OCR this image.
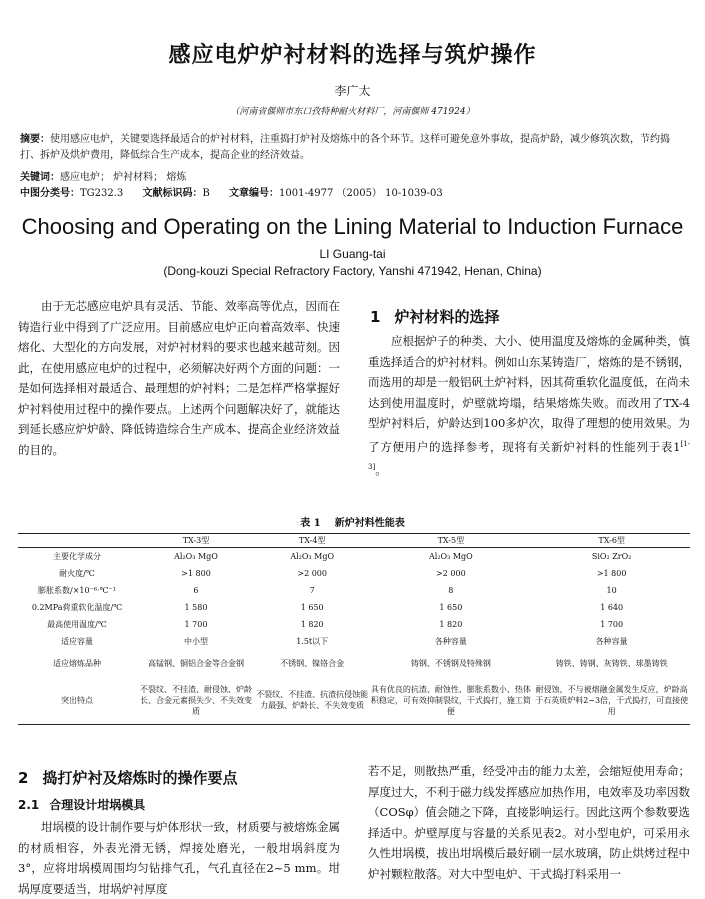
感应电炉炉衬材料的选择与筑炉操作
李广太
（河南省偃师市东口孜特种耐火材料厂，河南偃师 471924）
摘要：使用感应电炉，关键要选择最适合的炉衬材料，注重捣打炉衬及熔炼中的各个环节。这样可避免意外事故，提高炉龄，减少修筑次数，节约捣打、拆炉及烘炉费用，降低综合生产成本，提高企业的经济效益。
关键词：感应电炉； 炉衬材料； 熔炼
中图分类号：TG232.3 文献标识码：B 文章编号：1001-4977 （2005） 10-1039-03
Choosing and Operating on the Lining Material to Induction Furnace
LI Guang-tai
(Dong-kouzi Special Refractory Factory, Yanshi 471942, Henan, China)
由于无芯感应电炉具有灵活、节能、效率高等优点，因而在铸造行业中得到了广泛应用。目前感应电炉正向着高效率、快速熔化、大型化的方向发展，对炉衬材料的要求也越来越苛刻。因此，在使用感应电炉的过程中，必须解决好两个方面的问题：一是如何选择相对最适合、最理想的炉衬料；二是怎样严格掌握好炉衬料使用过程中的操作要点。上述两个问题解决好了，就能达到延长感应炉炉龄、降低铸造综合生产成本、提高企业经济效益的目的。
1 炉衬材料的选择
应根据炉子的种类、大小、使用温度及熔炼的金属种类，慎重选择适合的炉衬材料。例如山东某铸造厂，熔炼的是不锈钢，而选用的却是一般铝矾土炉衬料，因其荷重软化温度低，在尚未达到使用温度时，炉壁就垮塌，结果熔炼失败。而改用了TX-4型炉衬料后，炉龄达到100多炉次，取得了理想的使用效果。为了方便用户的选择参考，现将有关新炉衬料的性能列于表1[1-3]。
表 1 新炉衬料性能表
	TX-3型	TX-4型	TX-5型	TX-6型
主要化学成分	Al₂O₃ MgO	Al₂O₃ MgO	Al₂O₃ MgO	SiO₂ ZrO₂
耐火度/℃	>1 800	>2 000	>2 000	>1 800
膨胀系数/×10⁻⁶·℃⁻¹	6	7	8	10
0.2MPa荷重软化温度/℃	1 580	1 650	1 650	1 640
最高使用温度/℃	1 700	1 820	1 820	1 700
适应容量	中小型	1.5t以下	各种容量	各种容量
适应熔炼品种	高锰钢、铜铝合金等合金钢	不锈钢、镍铬合金	铸钢、不锈钢及特殊钢	铸铁、铸钢、灰铸铁、球墨铸铁
突出特点	不裂纹、不挂渣、耐侵蚀、炉龄长、合金元素损失少、不失效变质	不裂纹、不挂渣、抗渣抗侵蚀能力最强、炉龄长、不失效变质	具有优良的抗渣、耐蚀性、膨胀系数小、热体积稳定，可有效抑制裂纹，干式捣打，施工简便	耐侵蚀，不与被熔融金属发生反应，炉龄高于石英质炉料2~3倍，干式捣打，可直接使用
2 捣打炉衬及熔炼时的操作要点
2.1 合理设计坩埚模具
坩埚模的设计制作要与炉体形状一致，材质要与被熔炼金属的材质相容，外表光滑无锈，焊接处磨光，一般坩埚斜度为3°，应将坩埚模周围均匀钻排气孔，气孔直径在2~5 mm。坩埚厚度要适当，坩埚炉衬厚度
若不足，则散热严重，经受冲击的能力太差，会缩短使用寿命；厚度过大，不利于磁力线发挥感应加热作用，电效率及功率因数（COSφ）值会随之下降，直接影响运行。因此这两个参数要选择适中。炉壁厚度与容量的关系见表2。对小型电炉，可采用永久性坩埚模，拔出坩埚模后最好刷一层水玻璃，防止烘烤过程中炉衬颗粒散落。对大中型电炉、干式捣打料采用一
